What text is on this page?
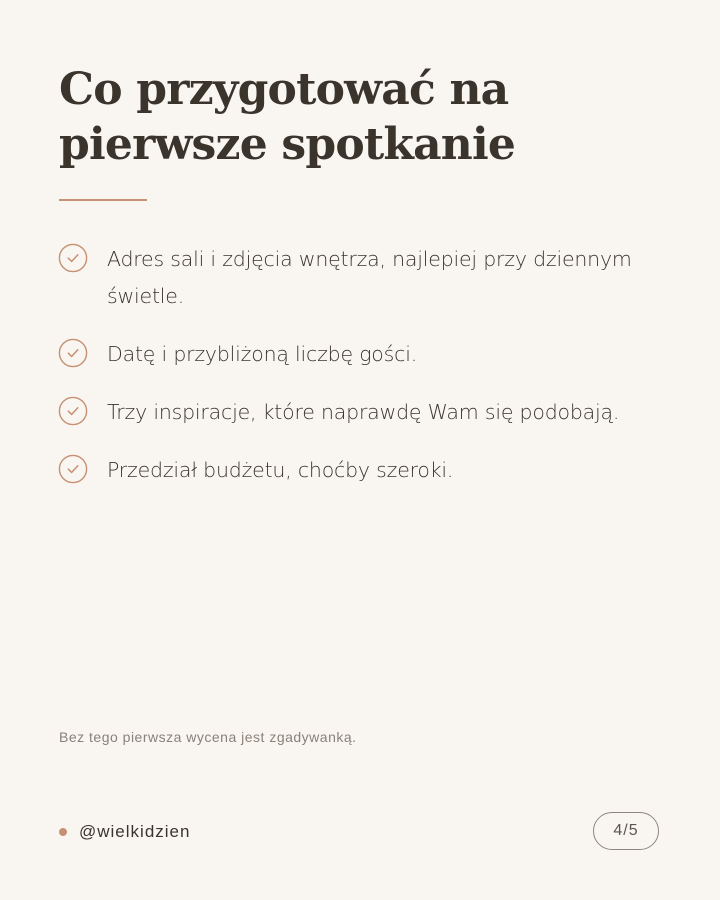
Co przygotować na
pierwsze spotkanie
Adres sali i zdjęcia wnętrza, najlepiej przy dziennym świetle.
Datę i przybliżoną liczbę gości.
Trzy inspiracje, które naprawdę Wam się podobają.
Przedział budżetu, choćby szeroki.

Bez tego pierwsza wycena jest zgadywanką.

@wielkidzien	4/5
